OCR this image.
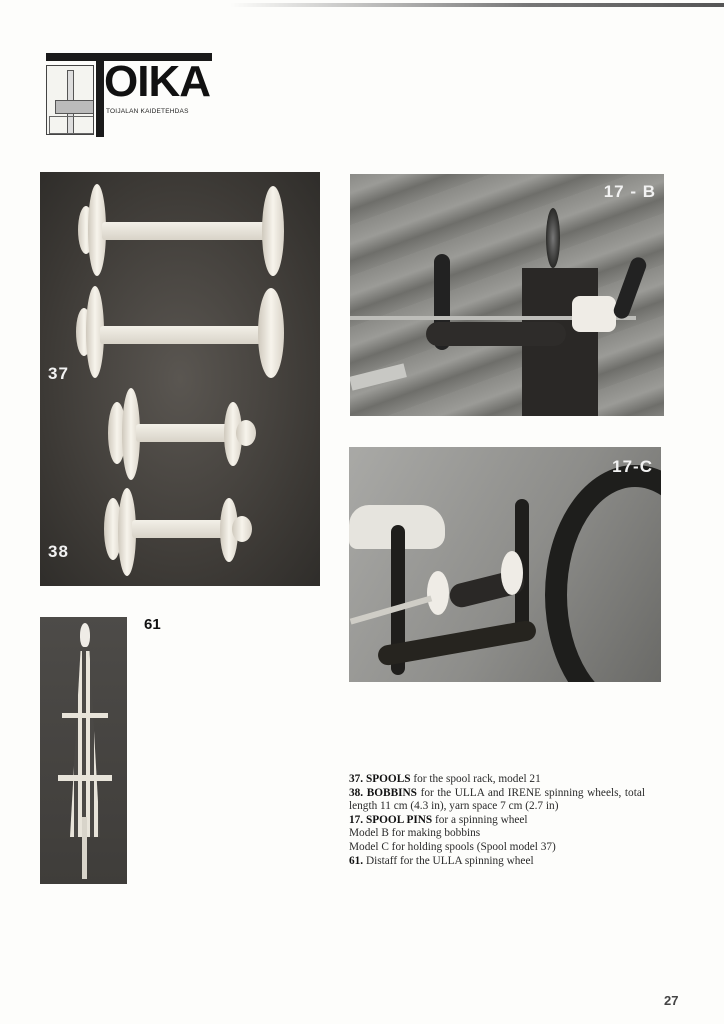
OIKA
TOIJALAN KAIDETEHDAS
37
38
17 - B
17-C
61

37. SPOOLS for the spool rack, model 21

38. BOBBINS for the ULLA and IRENE spinning wheels, total length 11 cm (4.3 in), yarn space 7 cm (2.7 in)

17. SPOOL PINS for a spinning wheel

Model B for making bobbins

Model C for holding spools (Spool model 37)

61. Distaff for the ULLA spinning wheel

27
